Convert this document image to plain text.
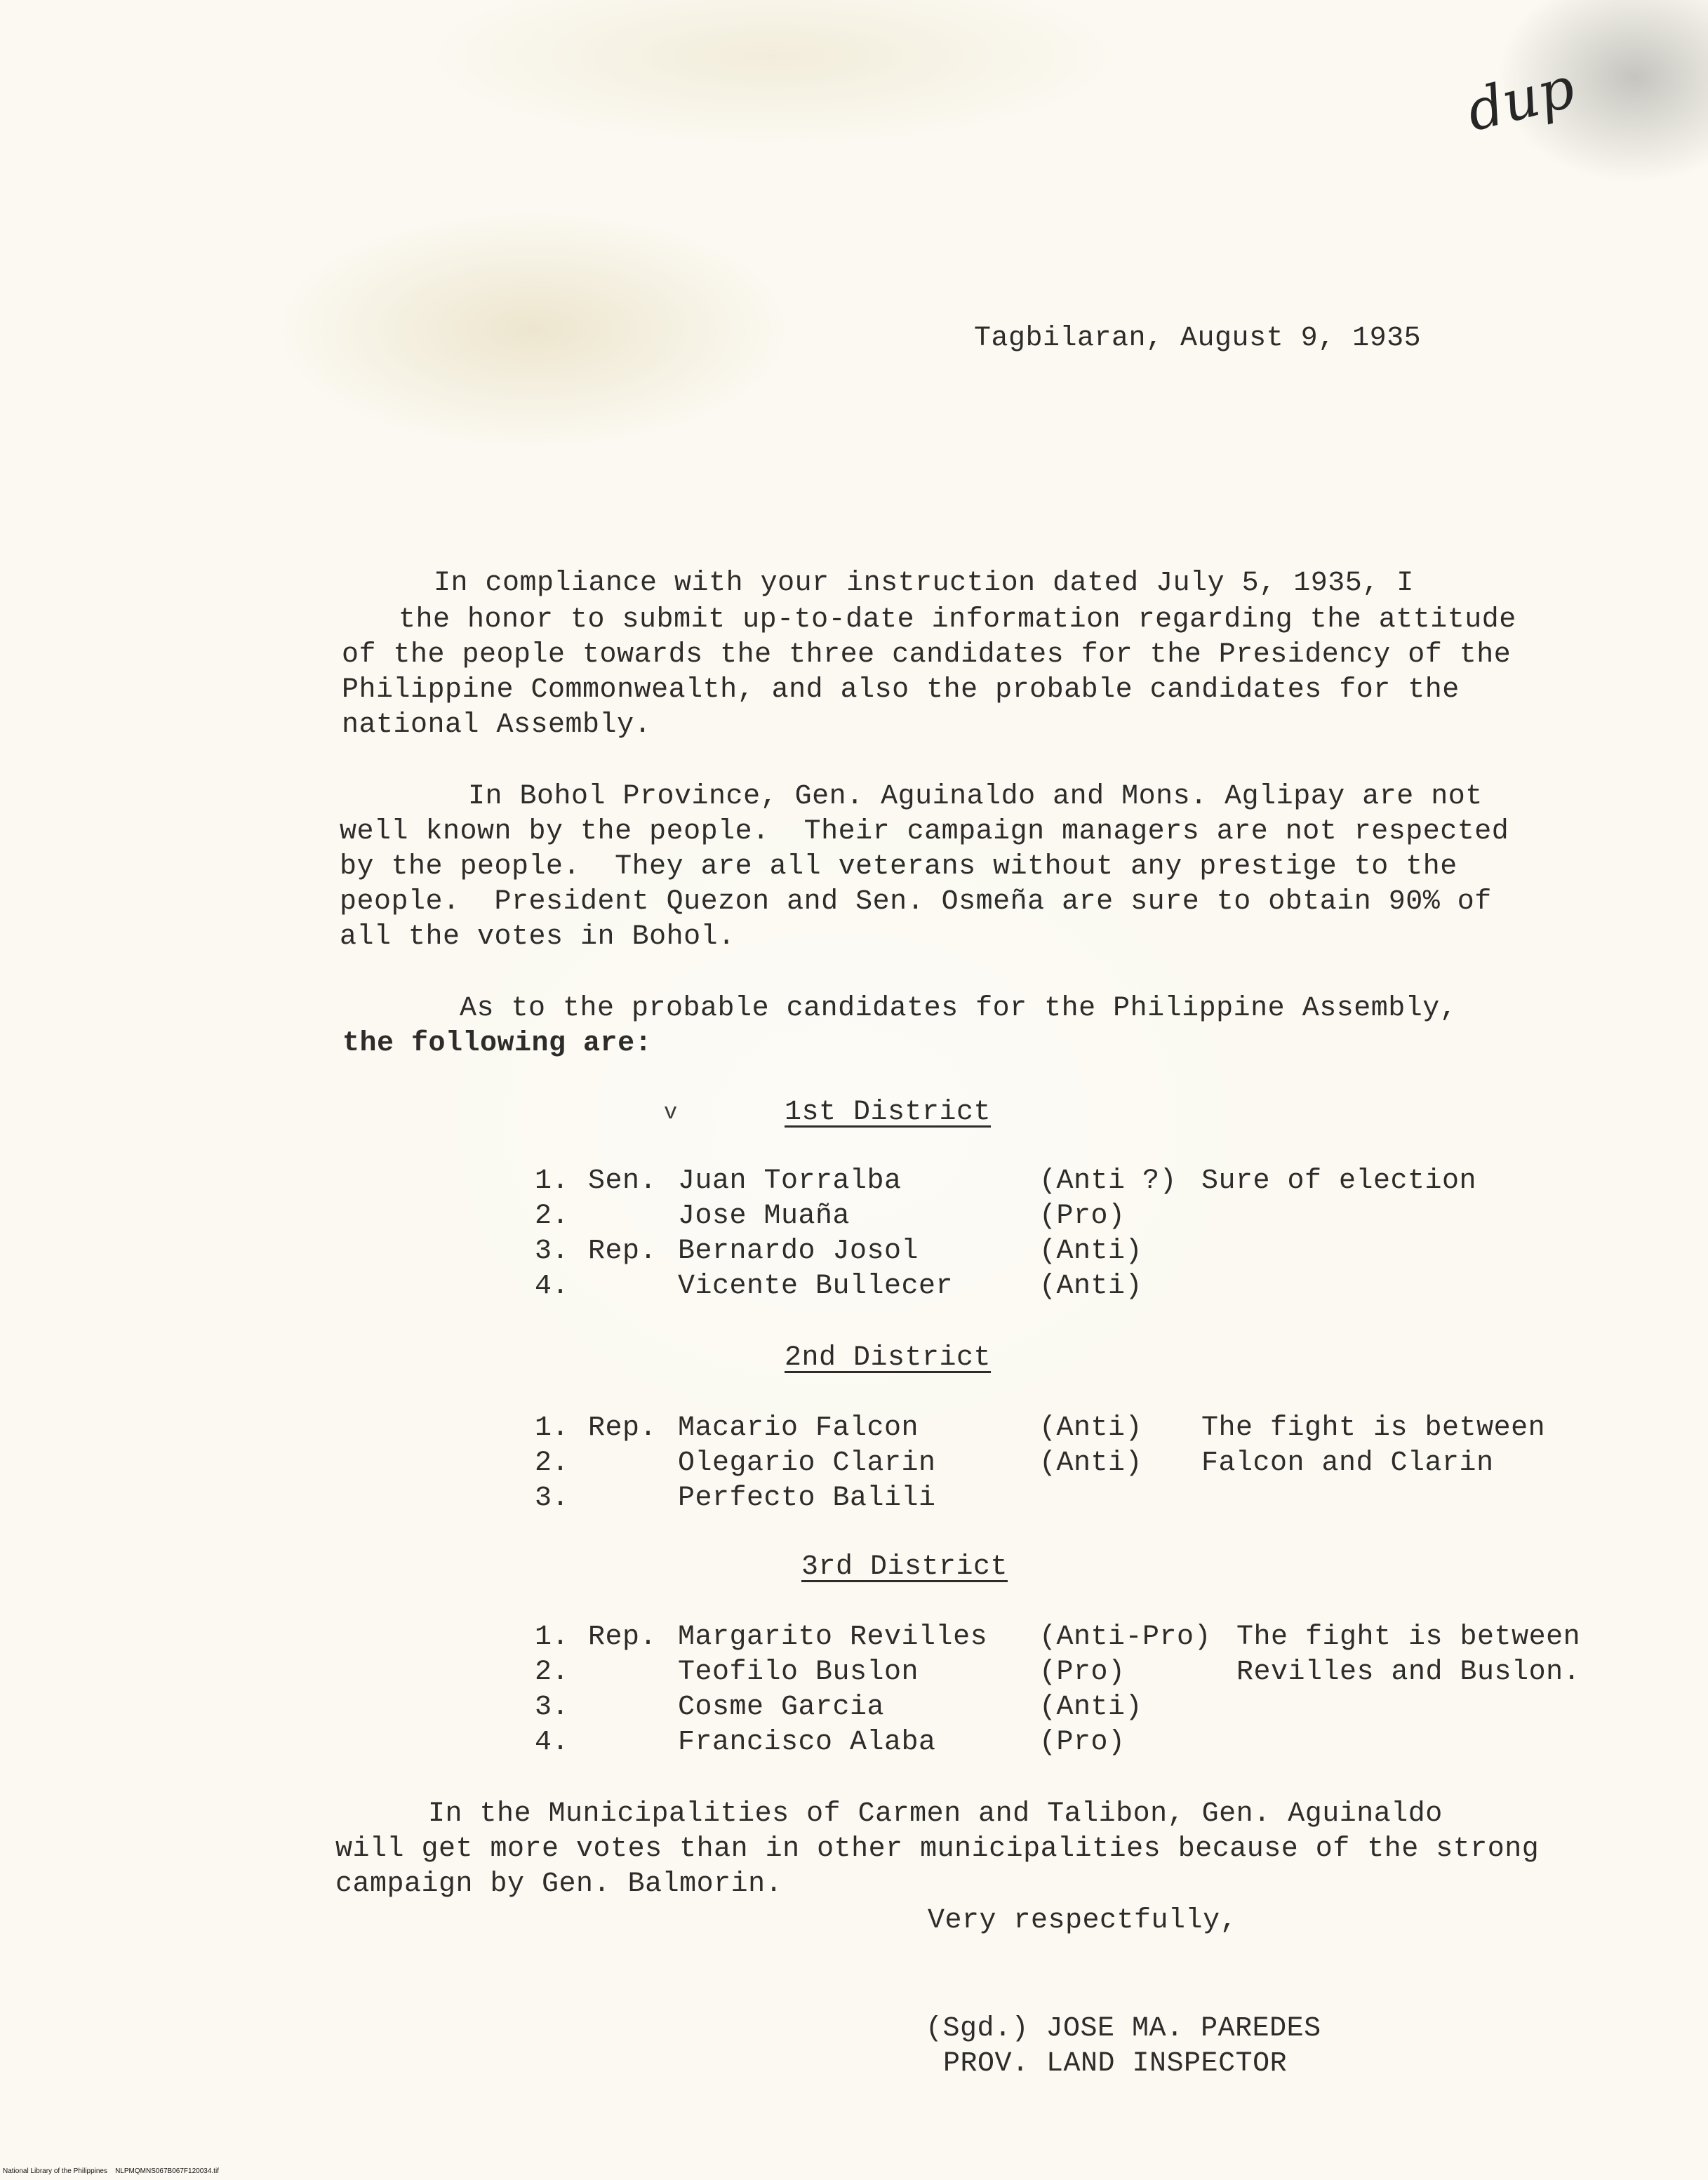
dup
Tagbilaran, August 9, 1935
In compliance with your instruction dated July 5, 1935, I
the honor to submit up-to-date information regarding the attitude
of the people towards the three candidates for the Presidency of the
Philippine Commonwealth, and also the probable candidates for the
national Assembly.
In Bohol Province, Gen. Aguinaldo and Mons. Aglipay are not
well known by the people.  Their campaign managers are not respected
by the people.  They are all veterans without any prestige to the
people.  President Quezon and Sen. Osmeña are sure to obtain 90% of
all the votes in Bohol.
As to the probable candidates for the Philippine Assembly,
the following are:
v	1st District
1. Sen. Juan Torralba	(Anti ?) Sure of election
2.	Jose Muaña	(Pro)
3. Rep. Bernardo Josol	(Anti)
4.	Vicente Bullecer	(Anti)
2nd District
1. Rep. Macario Falcon	(Anti) The fight is between
2.	Olegario Clarin	(Anti) Falcon and Clarin
3.	Perfecto Balili
3rd District
1. Rep. Margarito Revilles (Anti-Pro) The fight is between
2.	Teofilo Buslon	(Pro)	Revilles and Buslon.
3.	Cosme Garcia	(Anti)
4.	Francisco Alaba	(Pro)
In the Municipalities of Carmen and Talibon, Gen. Aguinaldo
will get more votes than in other municipalities because of the strong
campaign by Gen. Balmorin.
Very respectfully,
(Sgd.) JOSE MA. PAREDES
PROV. LAND INSPECTOR
National Library of the Philippines    NLPMQMNS067B067F120034.tif
